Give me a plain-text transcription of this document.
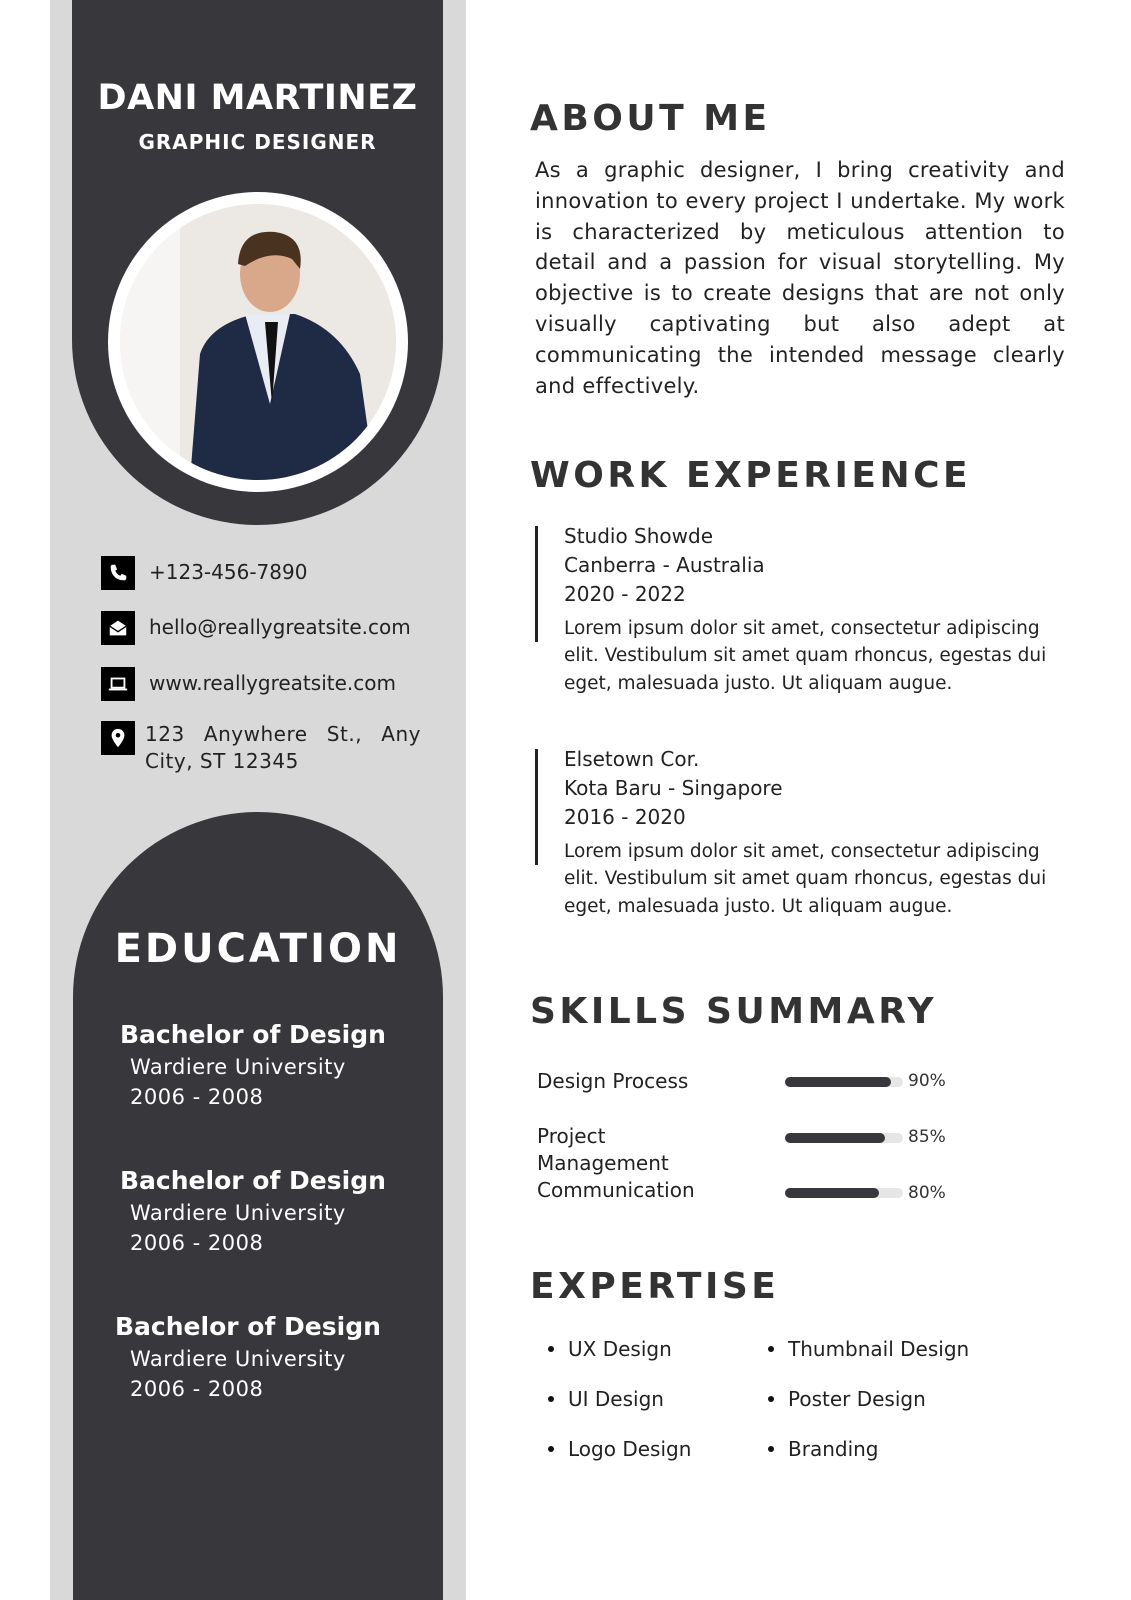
DANI MARTINEZ
GRAPHIC DESIGNER
+123-456-7890
hello@reallygreatsite.com
www.reallygreatsite.com
123 Anywhere St., Any City, ST 12345
EDUCATION
Bachelor of Design
Wardiere University
2006 - 2008
Bachelor of Design
Wardiere University
2006 - 2008
Bachelor of Design
Wardiere University
2006 - 2008
ABOUT ME
As a graphic designer, I bring creativity and innovation to every project I undertake. My work is characterized by meticulous attention to detail and a passion for visual storytelling. My objective is to create designs that are not only visually captivating but also adept at communicating the intended message clearly and effectively.
WORK EXPERIENCE
Studio Showde
Canberra - Australia
2020 - 2022
Lorem ipsum dolor sit amet, consectetur adipiscing elit. Vestibulum sit amet quam rhoncus, egestas dui eget, malesuada justo. Ut aliquam augue.
Elsetown Cor.
Kota Baru - Singapore
2016 - 2020
Lorem ipsum dolor sit amet, consectetur adipiscing elit. Vestibulum sit amet quam rhoncus, egestas dui eget, malesuada justo. Ut aliquam augue.
SKILLS SUMMARY
Design Process	90%
Project Management
85%
Communication	80%
EXPERTISE
UX Design
UI Design
Logo Design
Thumbnail Design
Poster Design
Branding
